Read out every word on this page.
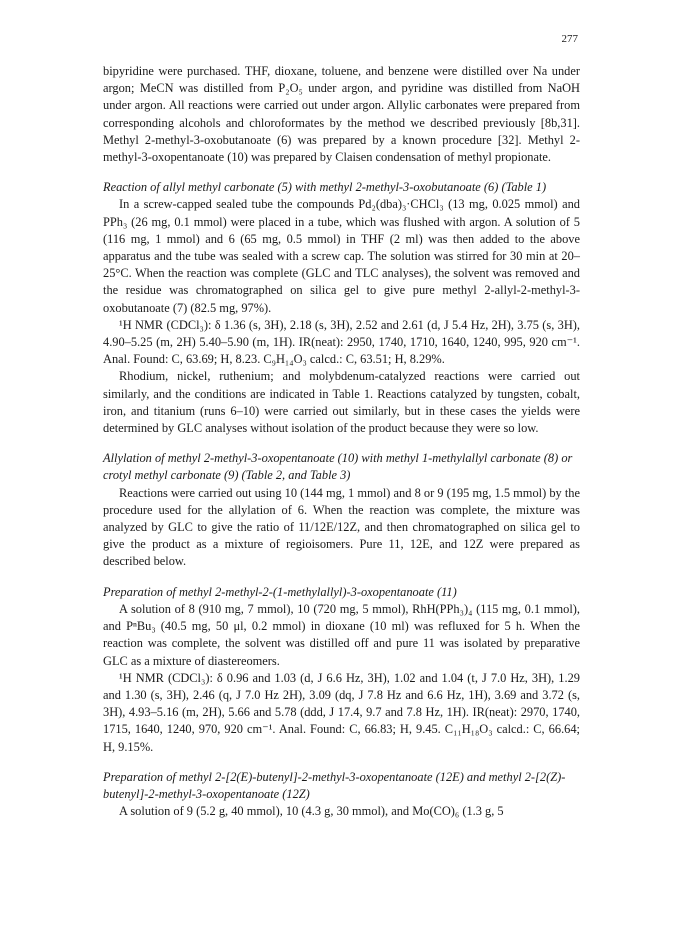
277

bipyridine were purchased. THF, dioxane, toluene, and benzene were distilled over Na under argon; MeCN was distilled from P₂O₅ under argon, and pyridine was distilled from NaOH under argon. All reactions were carried out under argon. Allylic carbonates were prepared from corresponding alcohols and chloroformates by the method we described previously [8b,31]. Methyl 2-methyl-3-oxobutanoate (6) was prepared by a known procedure [32]. Methyl 2-methyl-3-oxopentanoate (10) was prepared by Claisen condensation of methyl propionate.

Reaction of allyl methyl carbonate (5) with methyl 2-methyl-3-oxobutanoate (6) (Table 1)

In a screw-capped sealed tube the compounds Pd₂(dba)₃·CHCl₃ (13 mg, 0.025 mmol) and PPh₃ (26 mg, 0.1 mmol) were placed in a tube, which was flushed with argon. A solution of 5 (116 mg, 1 mmol) and 6 (65 mg, 0.5 mmol) in THF (2 ml) was then added to the above apparatus and the tube was sealed with a screw cap. The solution was stirred for 30 min at 20–25°C. When the reaction was complete (GLC and TLC analyses), the solvent was removed and the residue was chromatographed on silica gel to give pure methyl 2-allyl-2-methyl-3-oxobutanoate (7) (82.5 mg, 97%).

¹H NMR (CDCl₃): δ 1.36 (s, 3H), 2.18 (s, 3H), 2.52 and 2.61 (d, J 5.4 Hz, 2H), 3.75 (s, 3H), 4.90–5.25 (m, 2H) 5.40–5.90 (m, 1H). IR(neat): 2950, 1740, 1710, 1640, 1240, 995, 920 cm⁻¹. Anal. Found: C, 63.69; H, 8.23. C₉H₁₄O₃ calcd.: C, 63.51; H, 8.29%.

Rhodium, nickel, ruthenium; and molybdenum-catalyzed reactions were carried out similarly, and the conditions are indicated in Table 1. Reactions catalyzed by tungsten, cobalt, iron, and titanium (runs 6–10) were carried out similarly, but in these cases the yields were determined by GLC analyses without isolation of the product because they were so low.

Allylation of methyl 2-methyl-3-oxopentanoate (10) with methyl 1-methylallyl carbonate (8) or crotyl methyl carbonate (9) (Table 2, and Table 3)

Reactions were carried out using 10 (144 mg, 1 mmol) and 8 or 9 (195 mg, 1.5 mmol) by the procedure used for the allylation of 6. When the reaction was complete, the mixture was analyzed by GLC to give the ratio of 11/12E/12Z, and then chromatographed on silica gel to give the product as a mixture of regioisomers. Pure 11, 12E, and 12Z were prepared as described below.

Preparation of methyl 2-methyl-2-(1-methylallyl)-3-oxopentanoate (11)

A solution of 8 (910 mg, 7 mmol), 10 (720 mg, 5 mmol), RhH(PPh₃)₄ (115 mg, 0.1 mmol), and PⁿBu₃ (40.5 mg, 50 μl, 0.2 mmol) in dioxane (10 ml) was refluxed for 5 h. When the reaction was complete, the solvent was distilled off and pure 11 was isolated by preparative GLC as a mixture of diastereomers.

¹H NMR (CDCl₃): δ 0.96 and 1.03 (d, J 6.6 Hz, 3H), 1.02 and 1.04 (t, J 7.0 Hz, 3H), 1.29 and 1.30 (s, 3H), 2.46 (q, J 7.0 Hz 2H), 3.09 (dq, J 7.8 Hz and 6.6 Hz, 1H), 3.69 and 3.72 (s, 3H), 4.93–5.16 (m, 2H), 5.66 and 5.78 (ddd, J 17.4, 9.7 and 7.8 Hz, 1H). IR(neat): 2970, 1740, 1715, 1640, 1240, 970, 920 cm⁻¹. Anal. Found: C, 66.83; H, 9.45. C₁₁H₁₈O₃ calcd.: C, 66.64; H, 9.15%.

Preparation of methyl 2-[2(E)-butenyl]-2-methyl-3-oxopentanoate (12E) and methyl 2-[2(Z)-butenyl]-2-methyl-3-oxopentanoate (12Z)

A solution of 9 (5.2 g, 40 mmol), 10 (4.3 g, 30 mmol), and Mo(CO)₆ (1.3 g, 5
